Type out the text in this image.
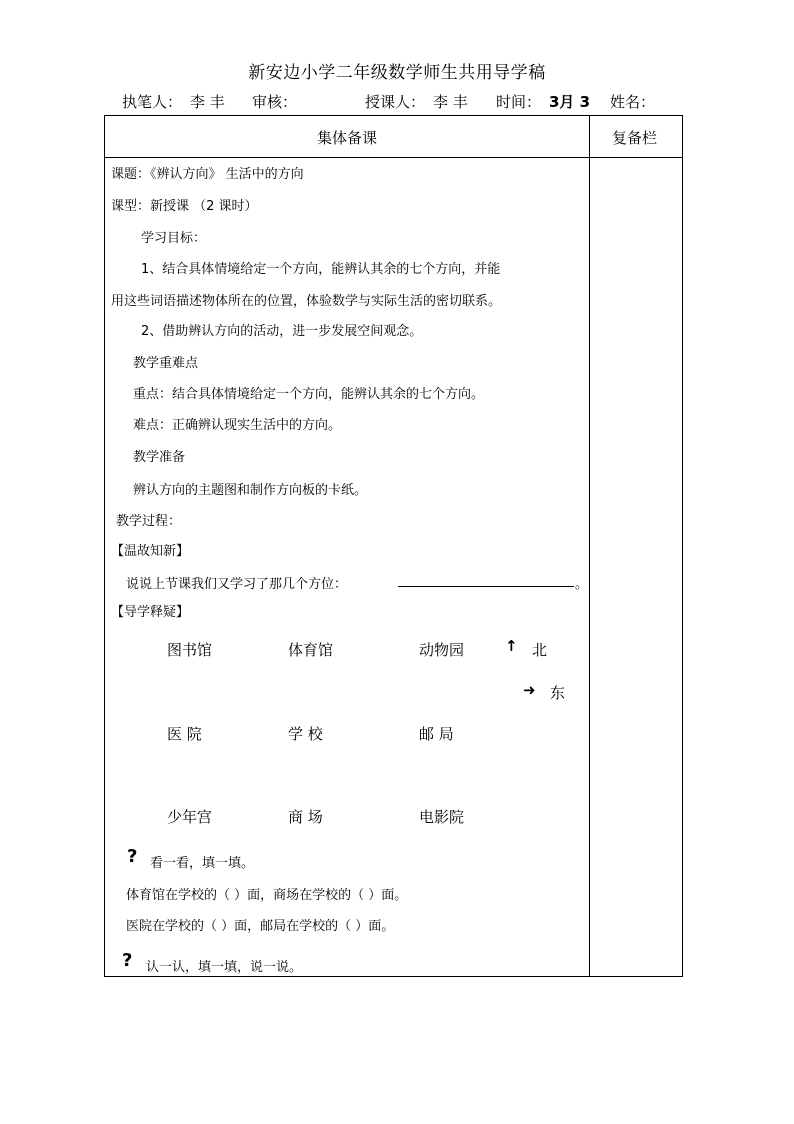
新安边小学二年级数学师生共用导学稿
执笔人： 李 丰 审核：	授课人： 李 丰 时间： 3月 3 姓名：
集体备课	复备栏
课题：《辨认方向》 生活中的方向
课型：新授课 （2 课时）
学习目标：
1、结合具体情境给定一个方向，能辨认其余的七个方向，并能
用这些词语描述物体所在的位置，体验数学与实际生活的密切联系。
2、借助辨认方向的活动，进一步发展空间观念。
教学重难点
重点：结合具体情境给定一个方向，能辨认其余的七个方向。
难点：正确辨认现实生活中的方向。
教学准备
辨认方向的主题图和制作方向板的卡纸。
教学过程：
【温故知新】
说说上节课我们又学习了那几个方位：	。
【导学释疑】
图书馆	体育馆	动物园	↑ 北
➜ 东
医 院	学 校	邮 局
少年宫	商 场	电影院
? 看一看，填一填。
体育馆在学校的（ ）面，商场在学校的（ ）面。
医院在学校的（ ）面，邮局在学校的（ ）面。
? 认一认，填一填，说一说。
